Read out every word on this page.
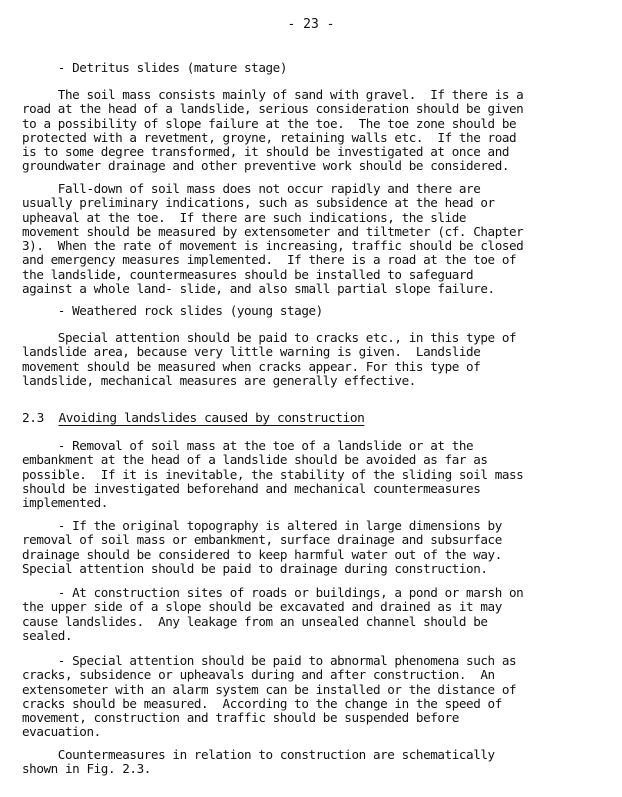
- 23 -
- Detritus slides (mature stage)
The soil mass consists mainly of sand with gravel.  If there is a
road at the head of a landslide, serious consideration should be given
to a possibility of slope failure at the toe.  The toe zone should be
protected with a revetment, groyne, retaining walls etc.  If the road
is to some degree transformed, it should be investigated at once and
groundwater drainage and other preventive work should be considered.
Fall-down of soil mass does not occur rapidly and there are
usually preliminary indications, such as subsidence at the head or
upheaval at the toe.  If there are such indications, the slide
movement should be measured by extensometer and tiltmeter (cf. Chapter
3).  When the rate of movement is increasing, traffic should be closed
and emergency measures implemented.  If there is a road at the toe of
the landslide, countermeasures should be installed to safeguard
against a whole land- slide, and also small partial slope failure.
- Weathered rock slides (young stage)
Special attention should be paid to cracks etc., in this type of
landslide area, because very little warning is given.  Landslide
movement should be measured when cracks appear. For this type of
landslide, mechanical measures are generally effective.
2.3 Avoiding landslides caused by construction
- Removal of soil mass at the toe of a landslide or at the
embankment at the head of a landslide should be avoided as far as
possible.  If it is inevitable, the stability of the sliding soil mass
should be investigated beforehand and mechanical countermeasures
implemented.
- If the original topography is altered in large dimensions by
removal of soil mass or embankment, surface drainage and subsurface
drainage should be considered to keep harmful water out of the way.
Special attention should be paid to drainage during construction.
- At construction sites of roads or buildings, a pond or marsh on
the upper side of a slope should be excavated and drained as it may
cause landslides.  Any leakage from an unsealed channel should be
sealed.
- Special attention should be paid to abnormal phenomena such as
cracks, subsidence or upheavals during and after construction.  An
extensometer with an alarm system can be installed or the distance of
cracks should be measured.  According to the change in the speed of
movement, construction and traffic should be suspended before
evacuation.
Countermeasures in relation to construction are schematically
shown in Fig. 2.3.
